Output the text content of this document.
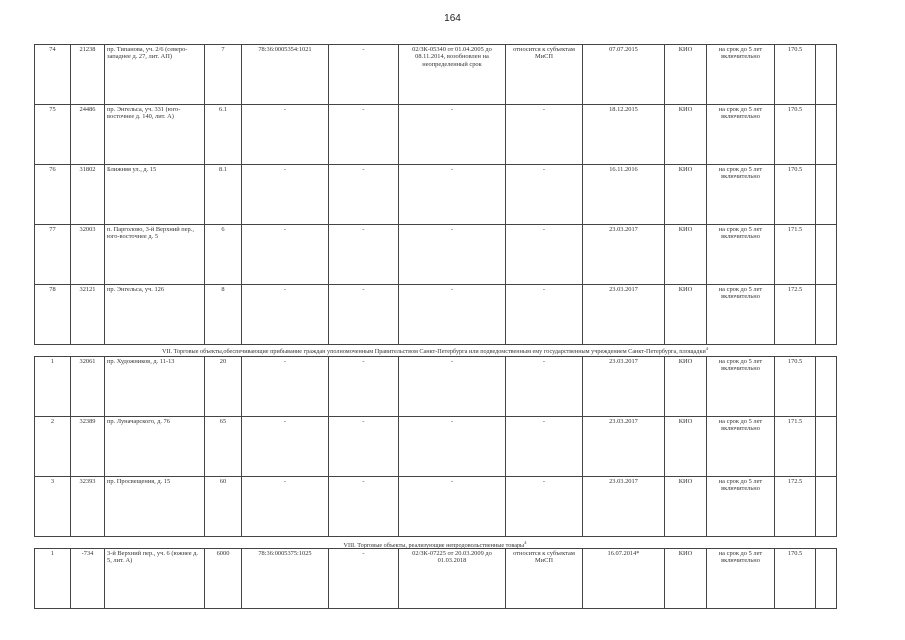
164
74	21238	пр. Типанова, уч. 2/6 (северо-западнее д. 27, лит. АП)	7	78:36:0005354:1021	-	02/ЗК-05340 от 01.04.2005 до 08.11.2014, возобновлен на неопределенный срок	относится к субъектам МиСП	07.07.2015	КИО	на срок до 5 лет включительно	170.5	
75	24486	пр. Энгельса, уч. 331 (юго-восточнее д. 140, лит. А)	6.1	-	-	-	-	18.12.2015	КИО	на срок до 5 лет включительно	170.5	
76	31802	Ближняя ул., д. 15	8.1	-	-	-	-	16.11.2016	КИО	на срок до 5 лет включительно	170.5	
77	32003	п. Парголово, 3-й Верхний пер., юго-восточнее д. 5	6	-	-	-	-	23.03.2017	КИО	на срок до 5 лет включительно	171.5	
78	32121	пр. Энгельса, уч. 126	8	-	-	-	-	23.03.2017	КИО	на срок до 5 лет включительно	172.5	
VII. Торговые объекты,обеспечивающие прибывание граждан уполномоченным Правительством Санкт-Петербурга или подведомственным ему государственным учреждением Санкт-Петербурга, площадки$^4$
1	32061	пр. Художников, д. 11-13	20	-	-	-	-	23.03.2017	КИО	на срок до 5 лет включительно	170.5	
2	32389	пр. Луначарского, д. 76	65	-	-	-	-	23.03.2017	КИО	на срок до 5 лет включительно	171.5	
3	32393	пр. Просвещения, д. 15	60	-	-	-	-	23.03.2017	КИО	на срок до 5 лет включительно	172.5	
VIII. Торговые объекты, реализующие непродовольственные товары$^4$
1	-734	3-й Верхний пер., уч. 6 (южнее д. 5, лит. А)	6000	78:36:0005375:1025	-	02/ЗК-07225 от 20.03.2009 до 01.03.2018	относится к субъектам МиСП	16.07.2014*	КИО	на срок до 5 лет включительно	170.5	
